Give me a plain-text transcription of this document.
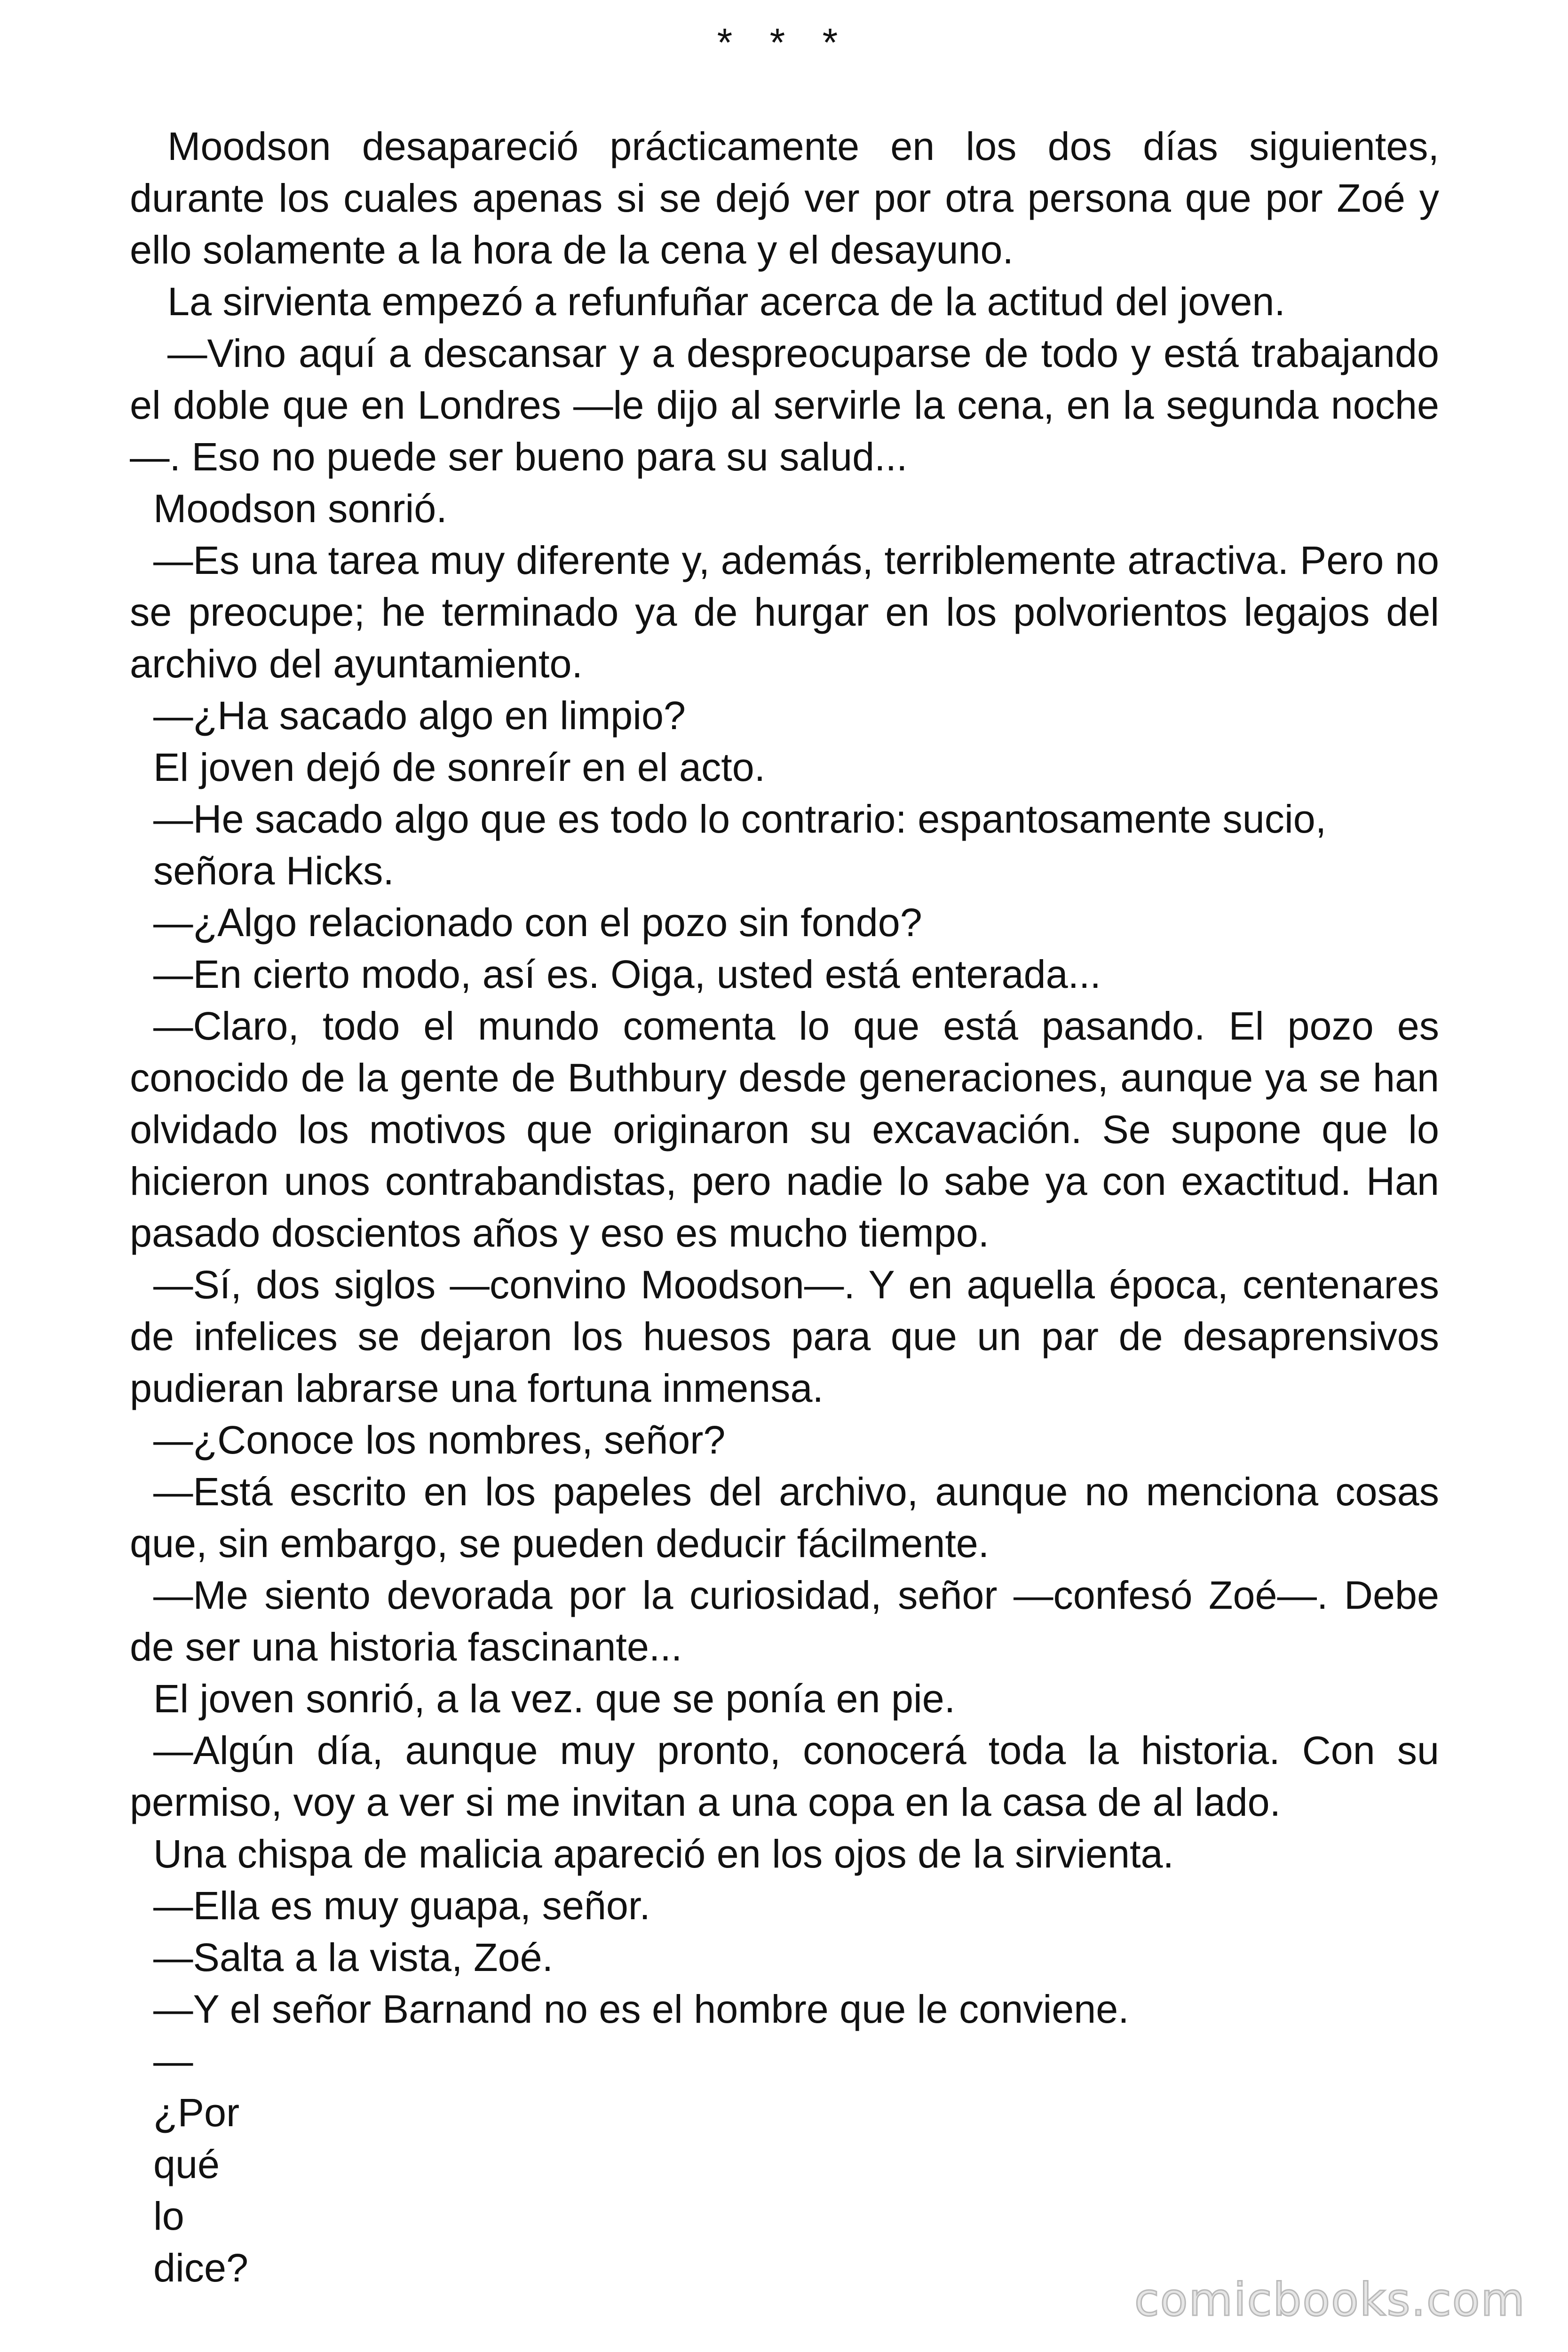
* * *

Moodson desapareció prácticamente en los dos días siguientes, durante los cuales apenas si se dejó ver por otra persona que por Zoé y ello solamente a la hora de la cena y el desayuno.

La sirvienta empezó a refunfuñar acerca de la actitud del joven.

—Vino aquí a descansar y a despreocuparse de todo y está trabajando el doble que en Londres —le dijo al servirle la cena, en la segunda noche—. Eso no puede ser bueno para su salud...

Moodson sonrió.

—Es una tarea muy diferente y, además, terriblemente atractiva. Pero no se preocupe; he terminado ya de hurgar en los polvorientos legajos del archivo del ayuntamiento.

—¿Ha sacado algo en limpio?

El joven dejó de sonreír en el acto.

—He sacado algo que es todo lo contrario: espantosamente sucio, señora Hicks.

—¿Algo relacionado con el pozo sin fondo?

—En cierto modo, así es. Oiga, usted está enterada...

—Claro, todo el mundo comenta lo que está pasando. El pozo es conocido de la gente de Buthbury desde generaciones, aunque ya se han olvidado los motivos que originaron su excavación. Se supone que lo hicieron unos contrabandistas, pero nadie lo sabe ya con exactitud. Han pasado doscientos años y eso es mucho tiempo.

—Sí, dos siglos —convino Moodson—. Y en aquella época, centenares de infelices se dejaron los huesos para que un par de desaprensivos pudieran labrarse una fortuna inmensa.

—¿Conoce los nombres, señor?

—Está escrito en los papeles del archivo, aunque no menciona cosas que, sin embargo, se pueden deducir fácilmente.

—Me siento devorada por la curiosidad, señor —confesó Zoé—. Debe de ser una historia fascinante...

El joven sonrió, a la vez. que se ponía en pie.

—Algún día, aunque muy pronto, conocerá toda la historia. Con su permiso, voy a ver si me invitan a una copa en la casa de al lado.

Una chispa de malicia apareció en los ojos de la sirvienta.

—Ella es muy guapa, señor.

—Salta a la vista, Zoé.

—Y el señor Barnand no es el hombre que le conviene.

—

¿Por

qué

lo

dice?

comicbooks.com
